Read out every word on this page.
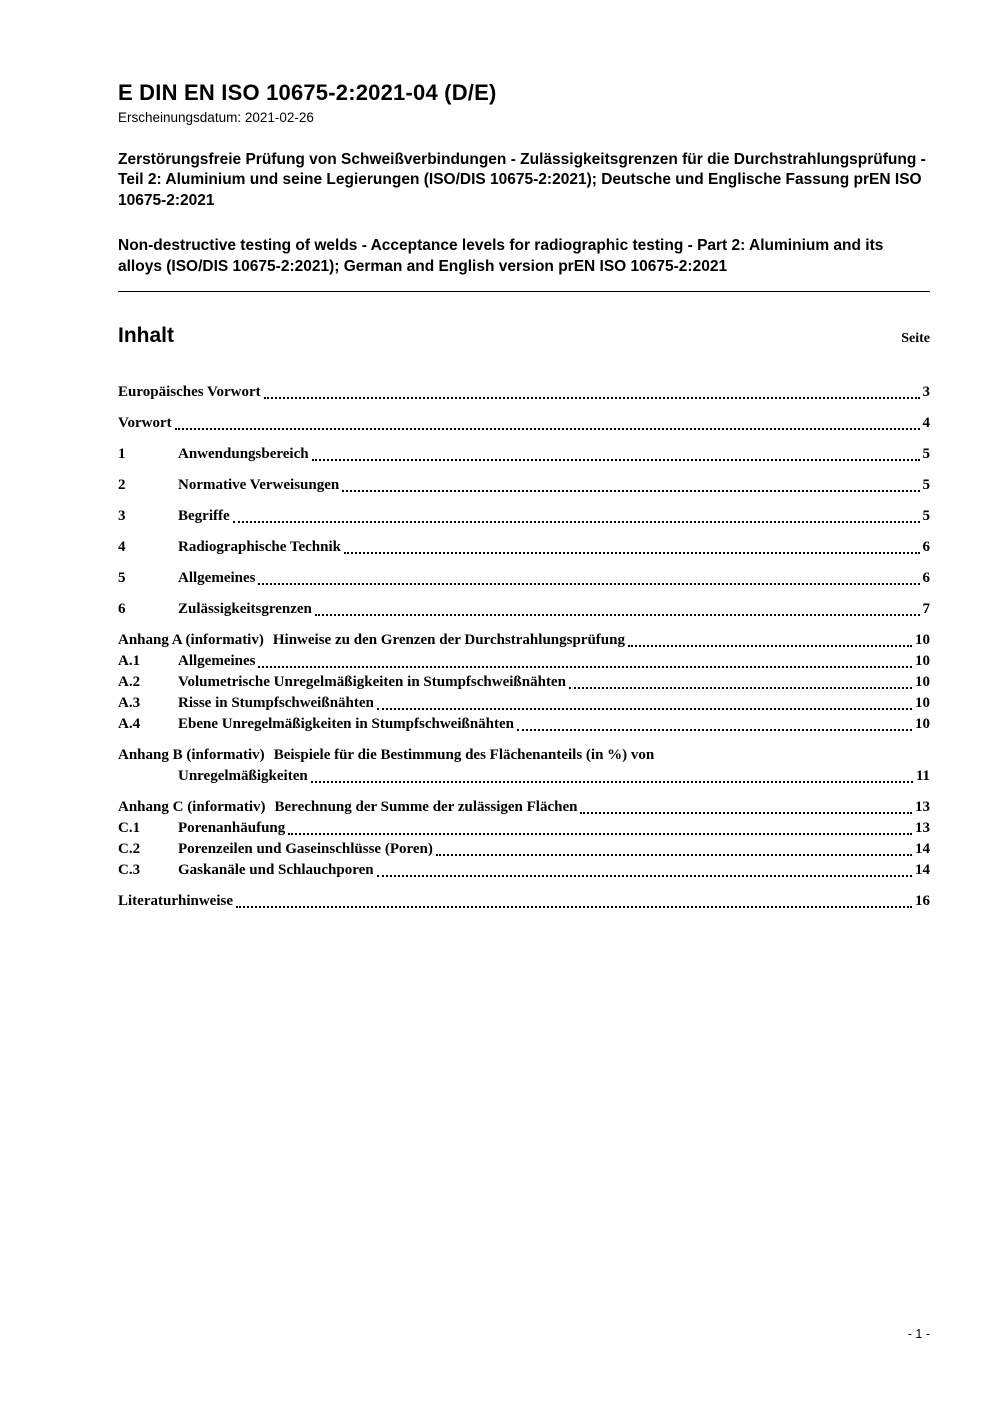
E DIN EN ISO 10675-2:2021-04 (D/E)
Erscheinungsdatum: 2021-02-26
Zerstörungsfreie Prüfung von Schweißverbindungen - Zulässigkeitsgrenzen für die Durchstrahlungsprüfung - Teil 2: Aluminium und seine Legierungen (ISO/DIS 10675-2:2021); Deutsche und Englische Fassung prEN ISO 10675-2:2021
Non-destructive testing of welds - Acceptance levels for radiographic testing - Part 2: Aluminium and its alloys (ISO/DIS 10675-2:2021); German and English version prEN ISO 10675-2:2021
Inhalt	Seite
Europäisches Vorwort	3
Vorwort	4
1	Anwendungsbereich	5
2	Normative Verweisungen	5
3	Begriffe	5
4	Radiographische Technik	6
5	Allgemeines	6
6	Zulässigkeitsgrenzen	7
Anhang A (informativ) Hinweise zu den Grenzen der Durchstrahlungsprüfung	10
A.1	Allgemeines	10
A.2	Volumetrische Unregelmäßigkeiten in Stumpfschweißnähten	10
A.3	Risse in Stumpfschweißnähten	10
A.4	Ebene Unregelmäßigkeiten in Stumpfschweißnähten	10
Anhang B (informativ) Beispiele für die Bestimmung des Flächenanteils (in %) von
Unregelmäßigkeiten	11
Anhang C (informativ) Berechnung der Summe der zulässigen Flächen	13
C.1	Porenanhäufung	13
C.2	Porenzeilen und Gaseinschlüsse (Poren)	14
C.3	Gaskanäle und Schlauchporen	14
Literaturhinweise	16
- 1 -
